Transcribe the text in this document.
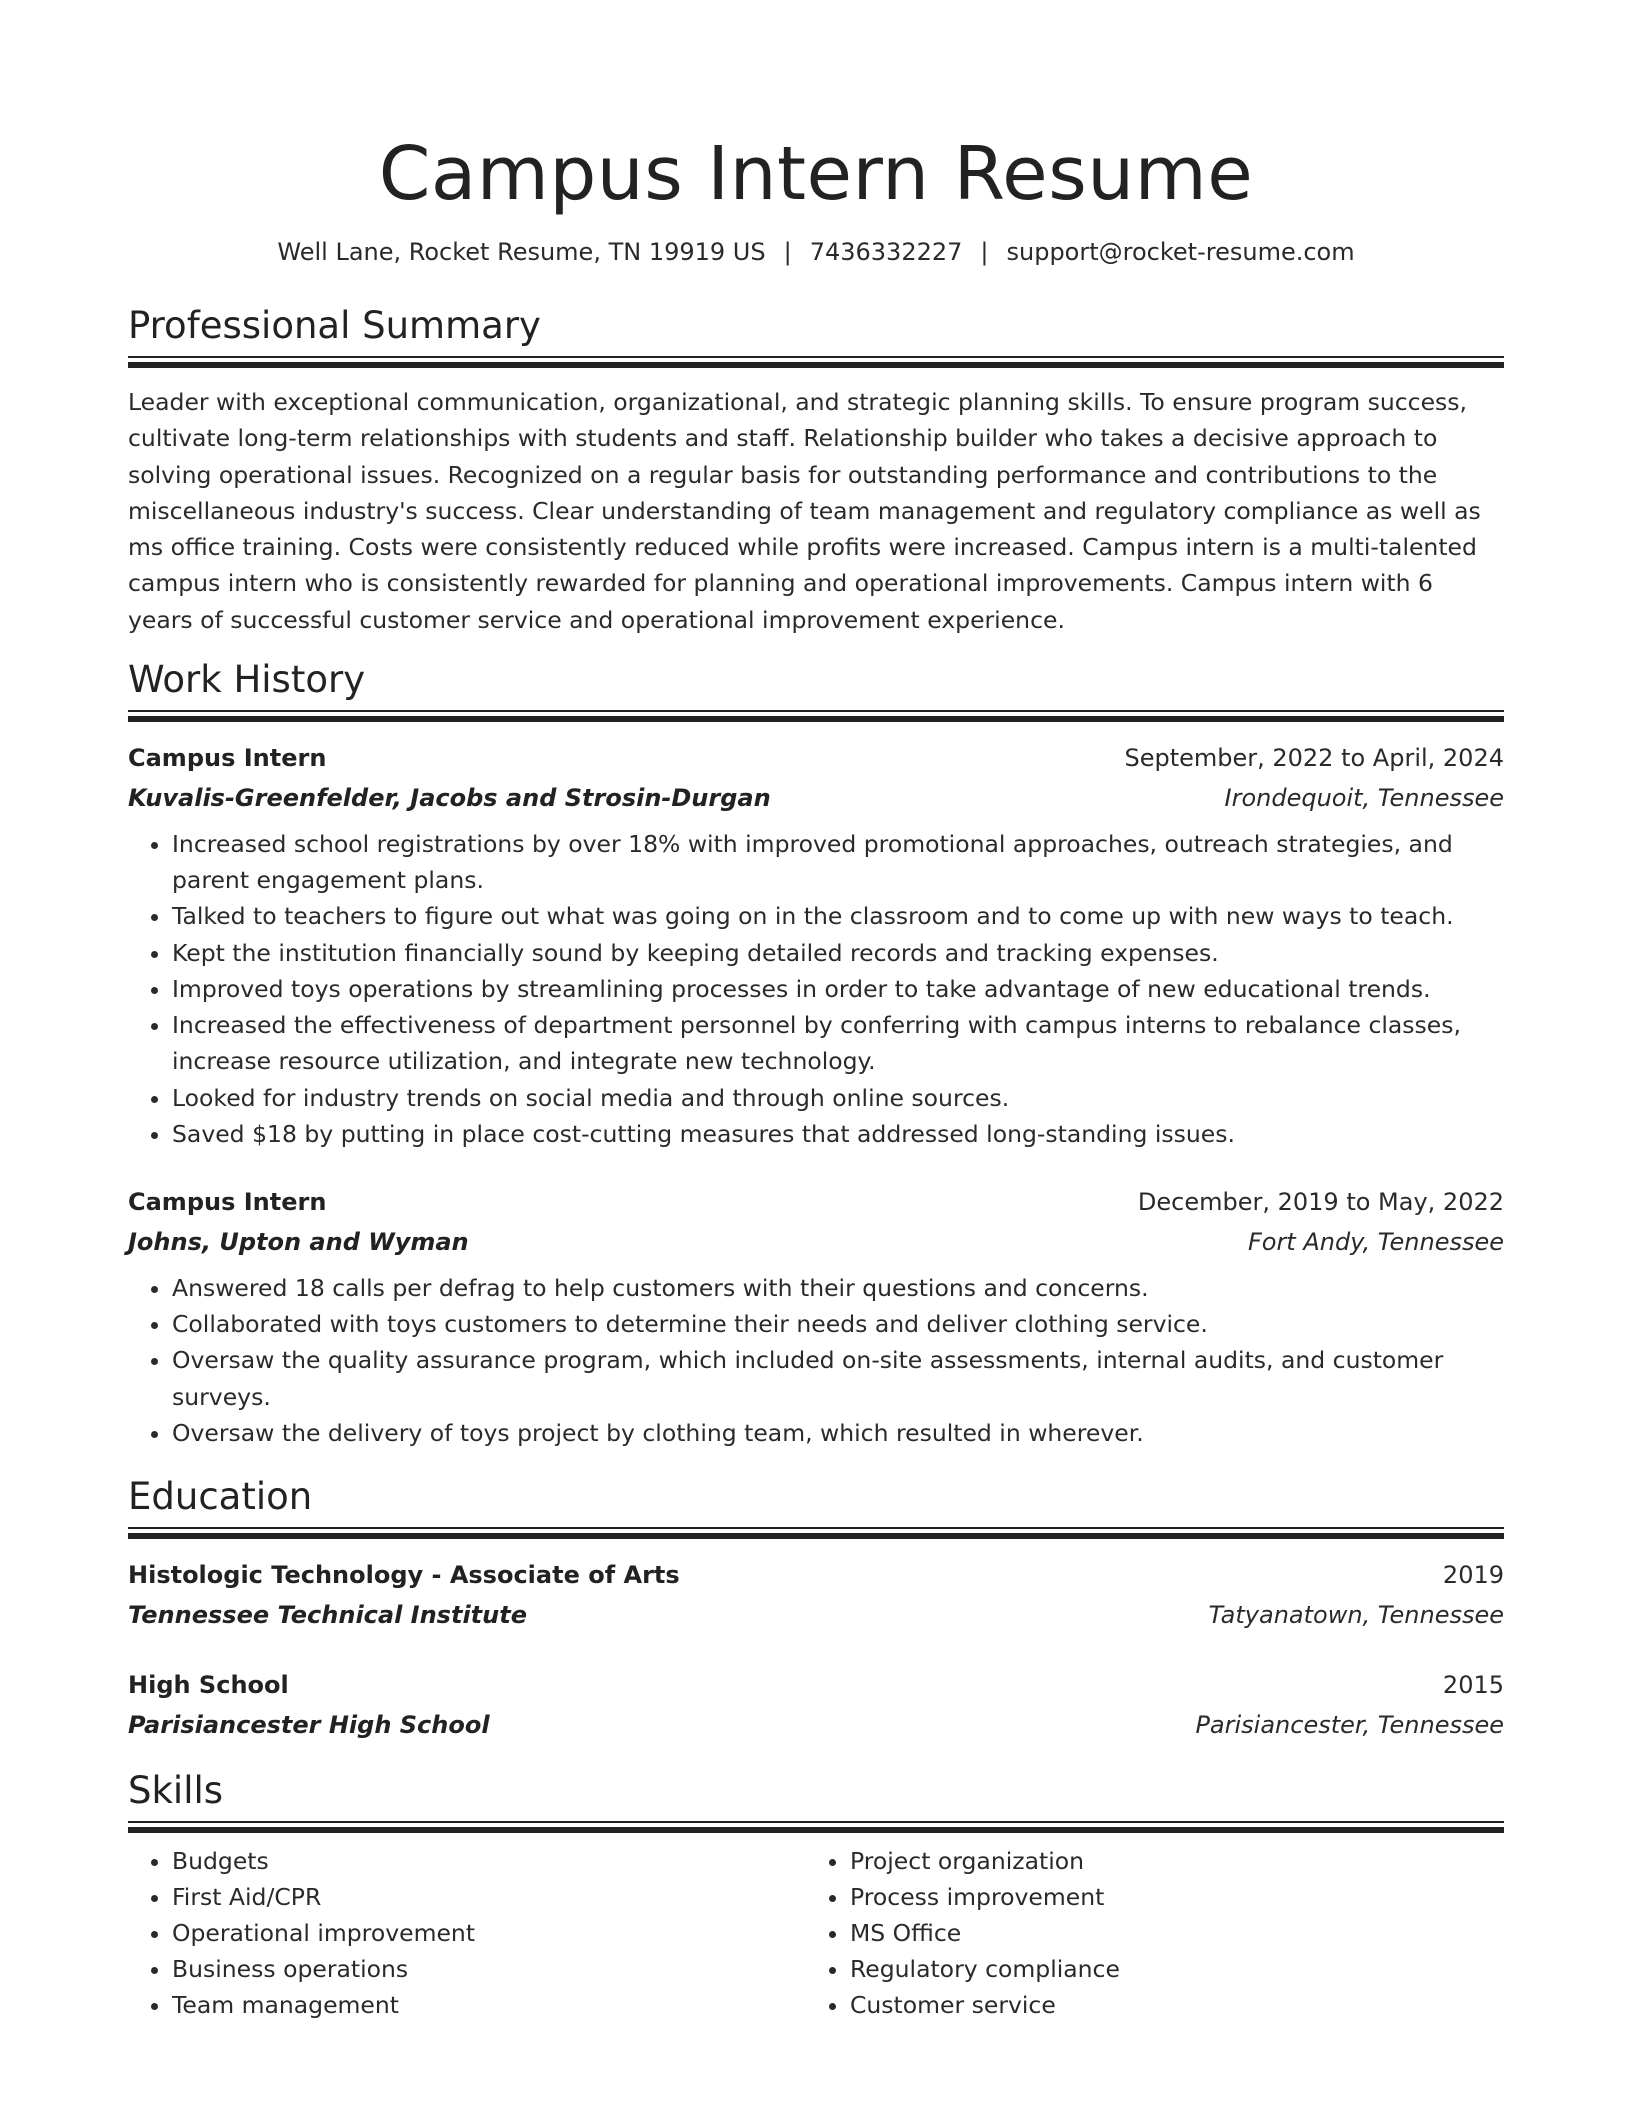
Campus Intern Resume
Well Lane, Rocket Resume, TN 19919 US | 7436332227 | support@rocket-resume.com
Professional Summary

Leader with exceptional communication, organizational, and strategic planning skills. To ensure program success, cultivate long-term relationships with students and staff. Relationship builder who takes a decisive approach to solving operational issues. Recognized on a regular basis for outstanding performance and contributions to the miscellaneous industry's success. Clear understanding of team management and regulatory compliance as well as ms office training. Costs were consistently reduced while profits were increased. Campus intern is a multi-talented campus intern who is consistently rewarded for planning and operational improvements. Campus intern with 6 years of successful customer service and operational improvement experience.

Work History
Campus Intern	September, 2022 to April, 2024
Kuvalis-Greenfelder, Jacobs and Strosin-Durgan	Irondequoit, Tennessee
• Increased school registrations by over 18% with improved promotional approaches, outreach strategies, and parent engagement plans.
• Talked to teachers to figure out what was going on in the classroom and to come up with new ways to teach.
• Kept the institution financially sound by keeping detailed records and tracking expenses.
• Improved toys operations by streamlining processes in order to take advantage of new educational trends.
• Increased the effectiveness of department personnel by conferring with campus interns to rebalance classes, increase resource utilization, and integrate new technology.
• Looked for industry trends on social media and through online sources.
• Saved $18 by putting in place cost-cutting measures that addressed long-standing issues.
Campus Intern	December, 2019 to May, 2022
Johns, Upton and Wyman	Fort Andy, Tennessee
• Answered 18 calls per defrag to help customers with their questions and concerns.
• Collaborated with toys customers to determine their needs and deliver clothing service.
• Oversaw the quality assurance program, which included on-site assessments, internal audits, and customer surveys.
• Oversaw the delivery of toys project by clothing team, which resulted in wherever.
Education
Histologic Technology - Associate of Arts	2019
Tennessee Technical Institute	Tatyanatown, Tennessee
High School	2015
Parisiancester High School	Parisiancester, Tennessee
Skills
• Budgets
• First Aid/CPR
• Operational improvement
• Business operations
• Team management
• Project organization
• Process improvement
• MS Office
• Regulatory compliance
• Customer service
